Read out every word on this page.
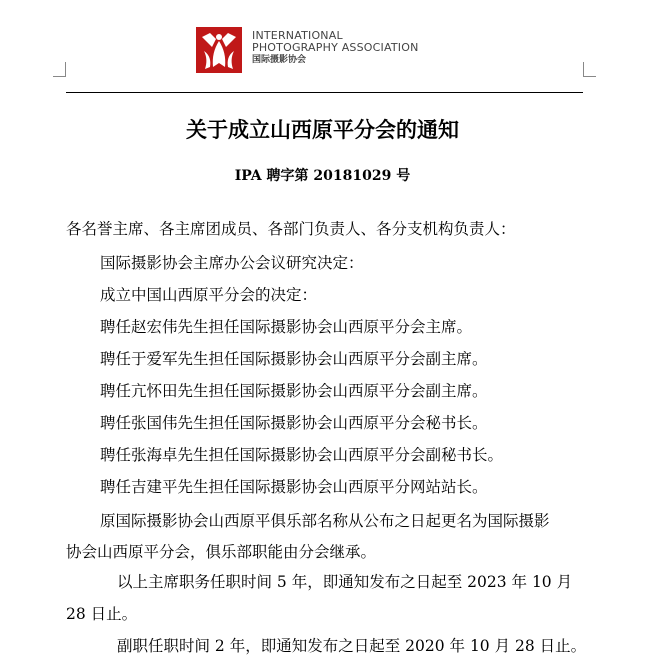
INTERNATIONAL
PHOTOGRAPHY ASSOCIATION
国际摄影协会
关于成立山西原平分会的通知
IPA 聘字第 20181029 号
各名誉主席、各主席团成员、各部门负责人、各分支机构负责人：
国际摄影协会主席办公会议研究决定：
成立中国山西原平分会的决定：
聘任赵宏伟先生担任国际摄影协会山西原平分会主席。
聘任于爱军先生担任国际摄影协会山西原平分会副主席。
聘任亢怀田先生担任国际摄影协会山西原平分会副主席。
聘任张国伟先生担任国际摄影协会山西原平分会秘书长。
聘任张海卓先生担任国际摄影协会山西原平分会副秘书长。
聘任吉建平先生担任国际摄影协会山西原平分网站站长。
原国际摄影协会山西原平俱乐部名称从公布之日起更名为国际摄影
协会山西原平分会，俱乐部职能由分会继承。
以上主席职务任职时间 5 年，即通知发布之日起至 2023 年 10 月
28 日止。
副职任职时间 2 年，即通知发布之日起至 2020 年 10 月 28 日止。
